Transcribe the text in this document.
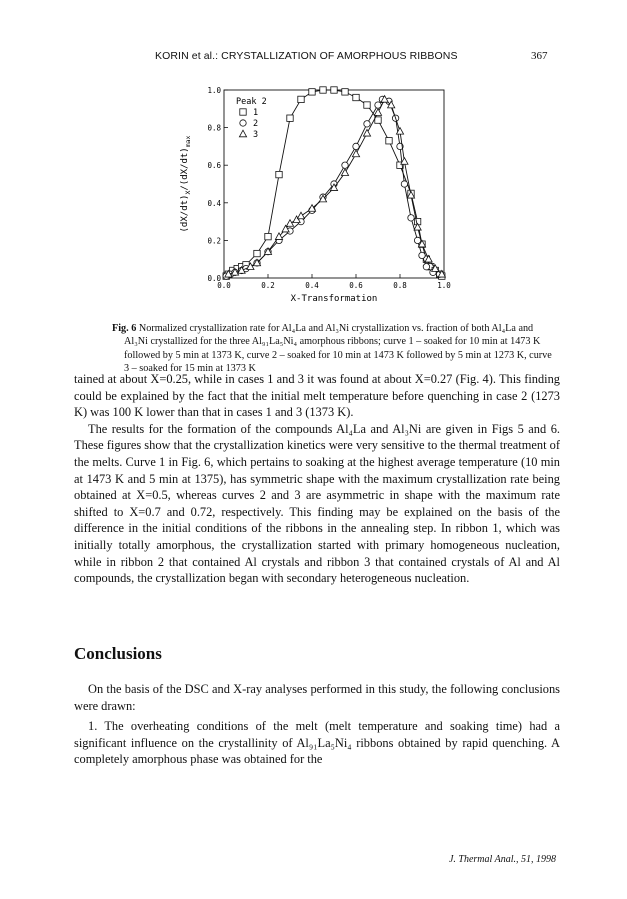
KORIN et al.: CRYSTALLIZATION OF AMORPHOUS RIBBONS	367
0.0	0.2	0.4	0.6	0.8	1.0
0.0
0.2
0.4
0.6
0.8
1.0
Peak 2
1
2
3
X-Transformation
$(dX/dt)_X/(dX/dt)_{max}$
Fig. 6 Normalized crystallization rate for Al₄La and Al₃Ni crystallization vs. fraction of both Al₄La and Al₃Ni crystallized for the three Al₉₁La₅Ni₄ amorphous ribbons; curve 1 – soaked for 10 min at 1473 K followed by 5 min at 1373 K, curve 2 – soaked for 10 min at 1473 K followed by 5 min at 1273 K, curve 3 – soaked for 15 min at 1373 K

tained at about X=0.25, while in cases 1 and 3 it was found at about X=0.27 (Fig. 4). This finding could be explained by the fact that the initial melt temperature before quenching in case 2 (1273 K) was 100 K lower than that in cases 1 and 3 (1373 K).

The results for the formation of the compounds Al₄La and Al₃Ni are given in Figs 5 and 6. These figures show that the crystallization kinetics were very sensitive to the thermal treatment of the melts. Curve 1 in Fig. 6, which pertains to soaking at the highest average temperature (10 min at 1473 K and 5 min at 1375), has symmetric shape with the maximum crystallization rate being obtained at X=0.5, whereas curves 2 and 3 are asymmetric in shape with the maximum rate shifted to X=0.7 and 0.72, respectively. This finding may be explained on the basis of the difference in the initial conditions of the ribbons in the annealing step. In ribbon 1, which was initially totally amorphous, the crystallization started with primary homogeneous nucleation, while in ribbon 2 that contained Al crystals and ribbon 3 that contained crystals of Al and Al compounds, the crystallization began with secondary heterogeneous nucleation.

Conclusions

On the basis of the DSC and X-ray analyses performed in this study, the following conclusions were drawn:

1. The overheating conditions of the melt (melt temperature and soaking time) had a significant influence on the crystallinity of Al₉₁La₅Ni₄ ribbons obtained by rapid quenching. A completely amorphous phase was obtained for the

J. Thermal Anal., 51, 1998
